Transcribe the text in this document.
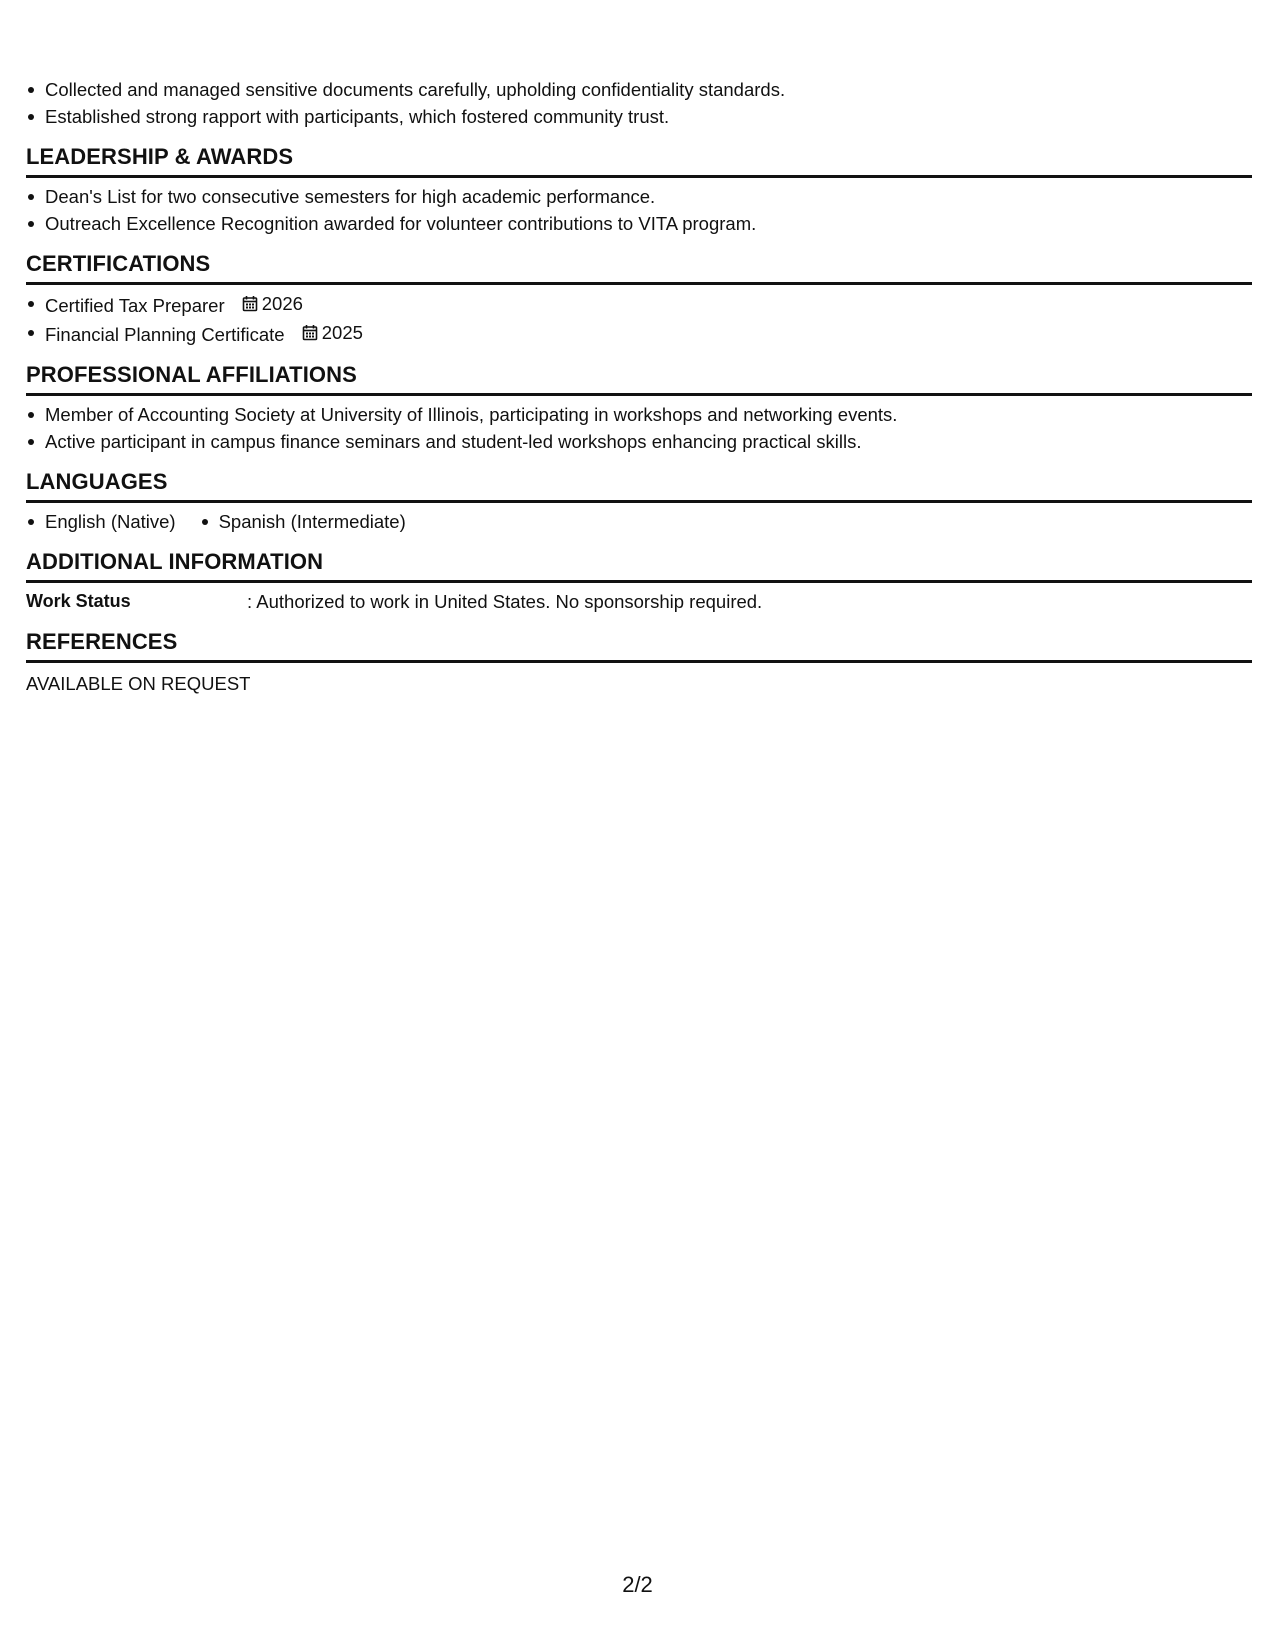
Collected and managed sensitive documents carefully, upholding confidentiality standards.
Established strong rapport with participants, which fostered community trust.
LEADERSHIP & AWARDS
Dean's List for two consecutive semesters for high academic performance.
Outreach Excellence Recognition awarded for volunteer contributions to VITA program.
CERTIFICATIONS
Certified Tax Preparer 2026
Financial Planning Certificate 2025
PROFESSIONAL AFFILIATIONS
Member of Accounting Society at University of Illinois, participating in workshops and networking events.
Active participant in campus finance seminars and student-led workshops enhancing practical skills.
LANGUAGES
English (Native)	Spanish (Intermediate)
ADDITIONAL INFORMATION
Work Status	: Authorized to work in United States. No sponsorship required.
REFERENCES
AVAILABLE ON REQUEST
2/2
